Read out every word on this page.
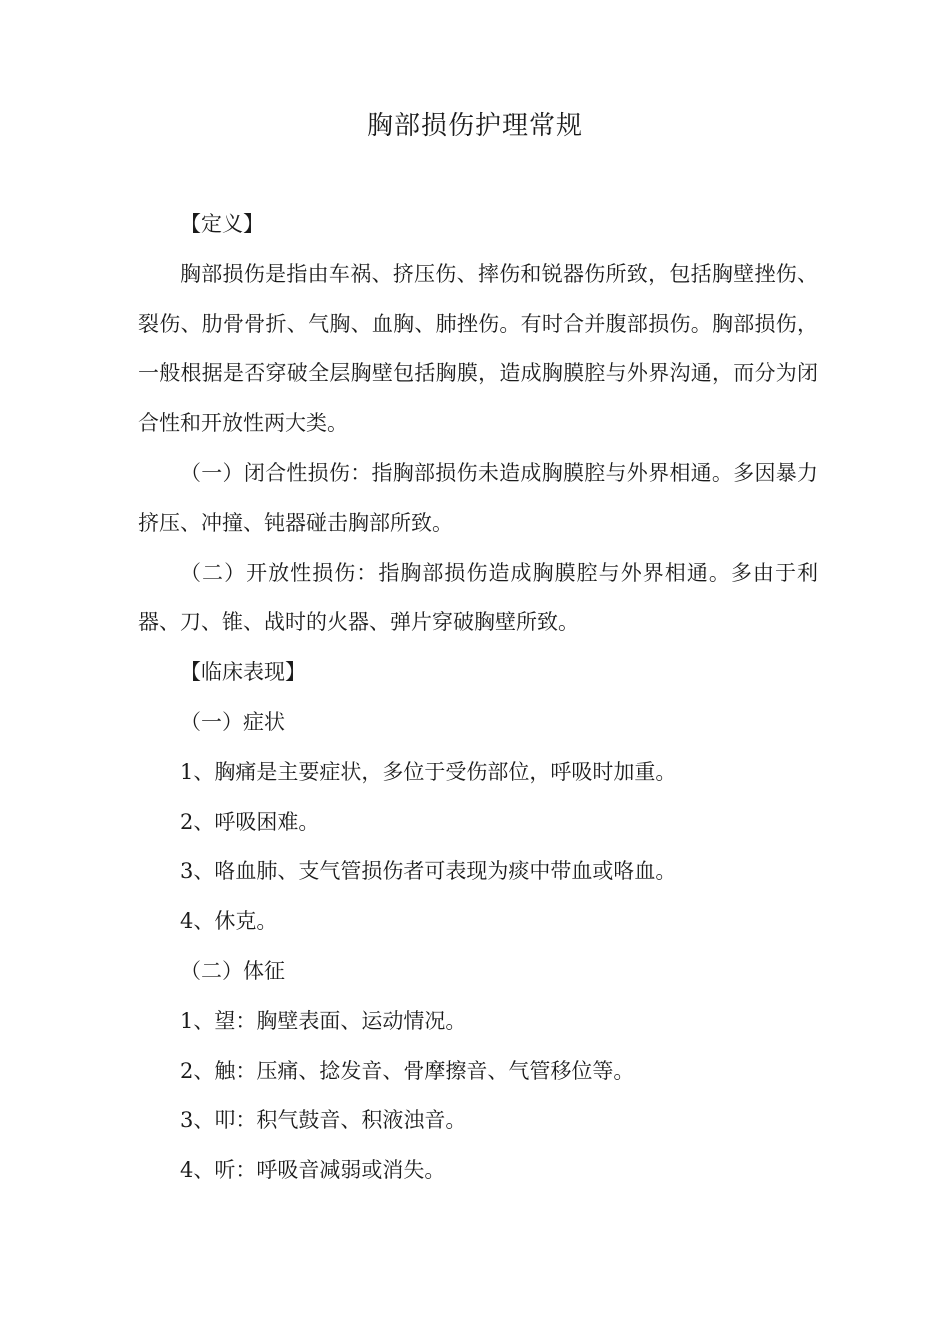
胸部损伤护理常规

【定义】

胸部损伤是指由车祸、挤压伤、摔伤和锐器伤所致，包括胸壁挫伤、裂伤、肋骨骨折、气胸、血胸、肺挫伤。有时合并腹部损伤。胸部损伤，一般根据是否穿破全层胸壁包括胸膜，造成胸膜腔与外界沟通，而分为闭合性和开放性两大类。

（一）闭合性损伤：指胸部损伤未造成胸膜腔与外界相通。多因暴力挤压、冲撞、钝器碰击胸部所致。

（二）开放性损伤：指胸部损伤造成胸膜腔与外界相通。多由于利器、刀、锥、战时的火器、弹片穿破胸壁所致。

【临床表现】

（一）症状

1、胸痛是主要症状，多位于受伤部位，呼吸时加重。

2、呼吸困难。

3、咯血肺、支气管损伤者可表现为痰中带血或咯血。

4、休克。

（二）体征

1、望：胸壁表面、运动情况。

2、触：压痛、捻发音、骨摩擦音、气管移位等。

3、叩：积气鼓音、积液浊音。

4、听：呼吸音减弱或消失。
